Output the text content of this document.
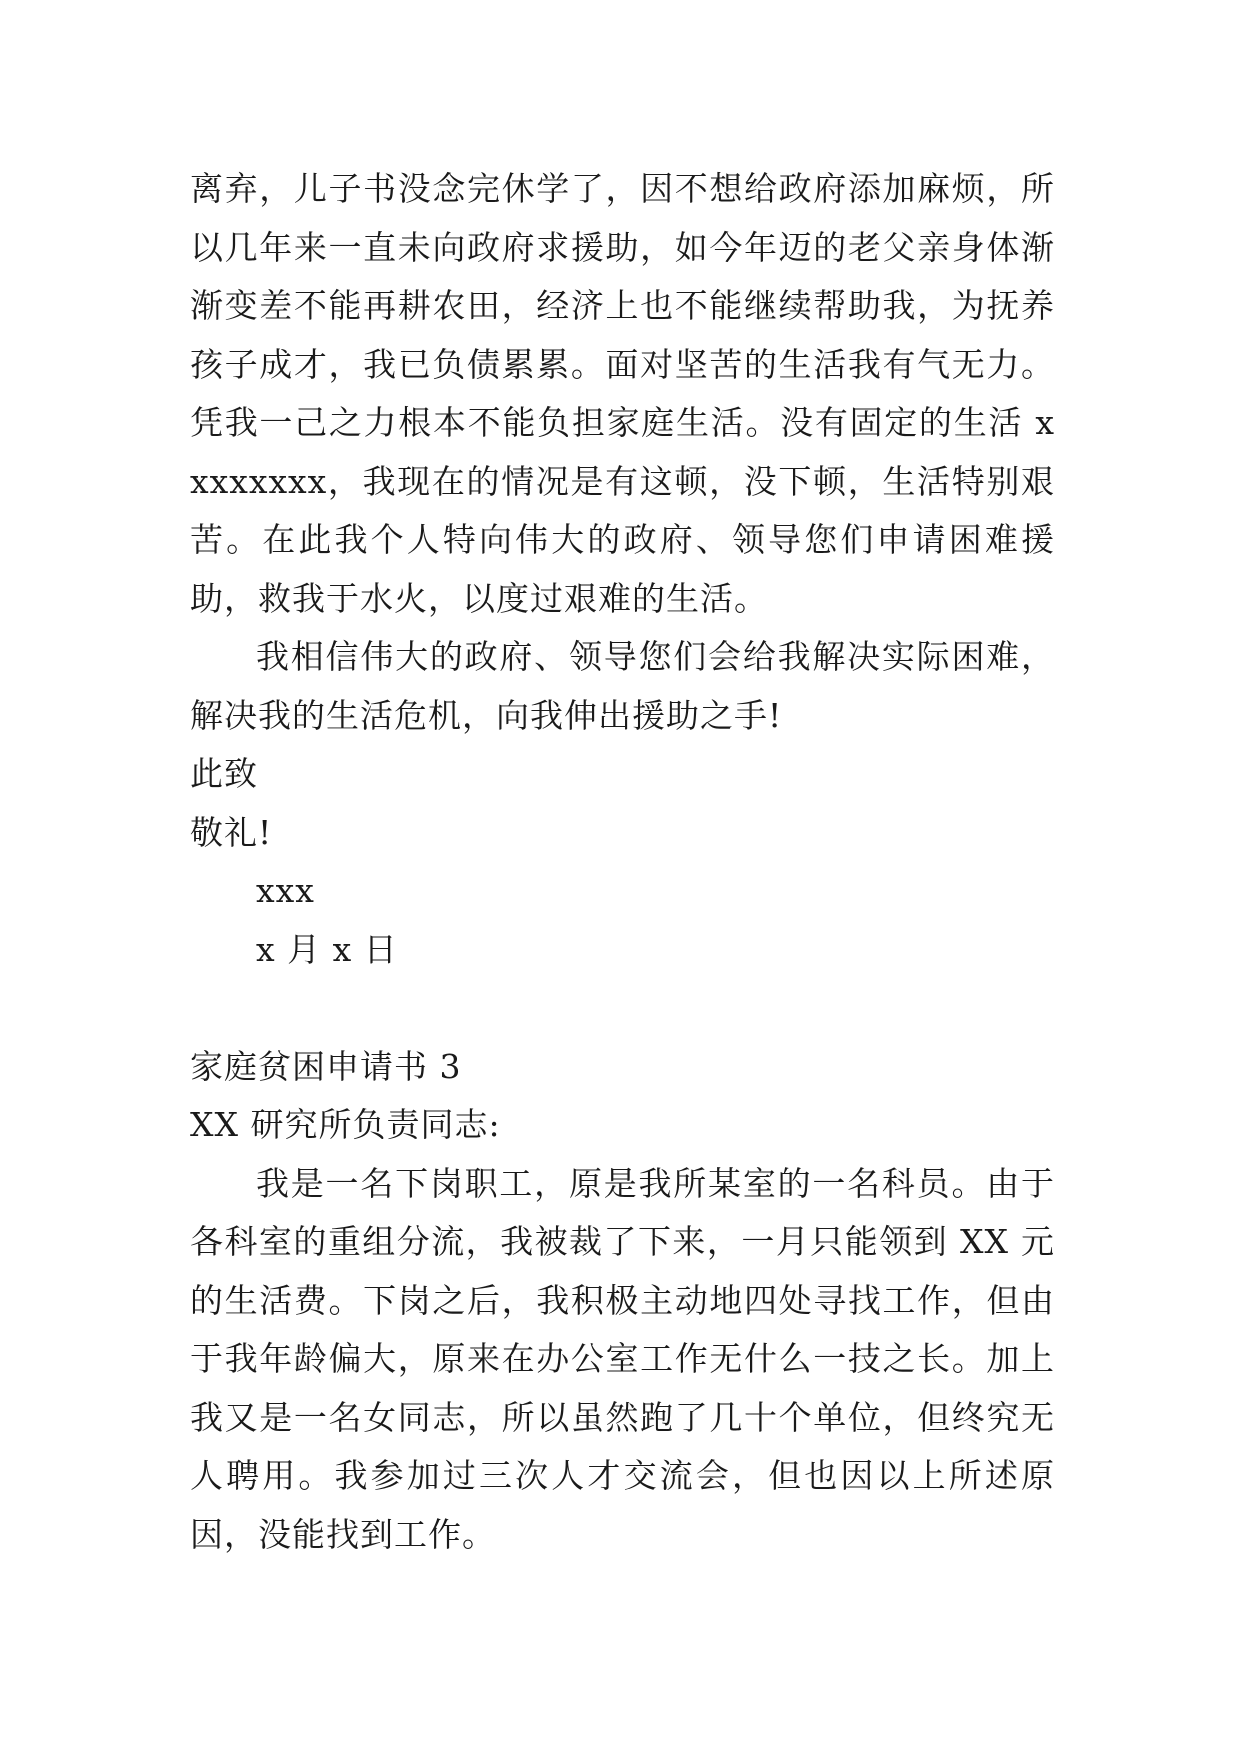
离弃，儿子书没念完休学了，因不想给政府添加麻烦，所以几年来一直未向政府求援助，如今年迈的老父亲身体渐渐变差不能再耕农田，经济上也不能继续帮助我，为抚养孩子成才，我已负债累累。面对坚苦的生活我有气无力。凭我一己之力根本不能负担家庭生活。没有固定的生活 xxxxxxxx，我现在的情况是有这顿，没下顿，生活特别艰苦。在此我个人特向伟大的政府、领导您们申请困难援助，救我于水火，以度过艰难的生活。

我相信伟大的政府、领导您们会给我解决实际困难，解决我的生活危机，向我伸出援助之手!

此致

敬礼!

xxx

x 月 x 日

家庭贫困申请书 3

XX 研究所负责同志:

我是一名下岗职工，原是我所某室的一名科员。由于各科室的重组分流，我被裁了下来，一月只能领到 XX 元的生活费。下岗之后，我积极主动地四处寻找工作，但由于我年龄偏大，原来在办公室工作无什么一技之长。加上我又是一名女同志，所以虽然跑了几十个单位，但终究无人聘用。我参加过三次人才交流会，但也因以上所述原因，没能找到工作。
